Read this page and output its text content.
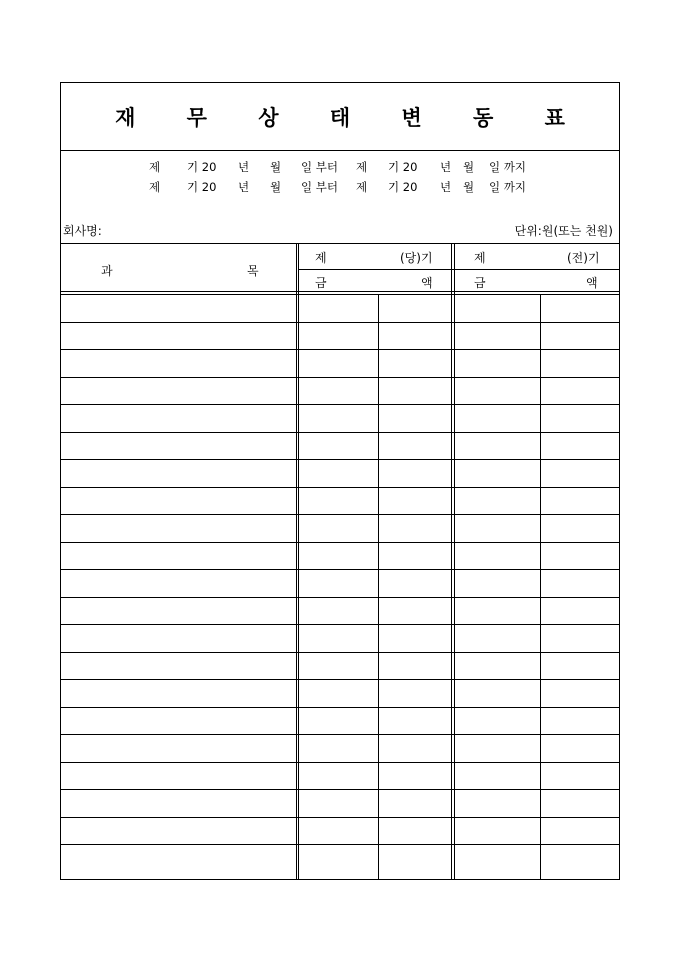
재 무 상 태 변 동 표

제

기 20

년

월

일 부터

제

기 20

년

월

일 까지

제

기 20

년

월

일 부터

제

기 20

년

월

일 까지

회사명:	단위:원(또는 천원)
과	목
제	(당)기
금	액
제	(전)기
금	액
